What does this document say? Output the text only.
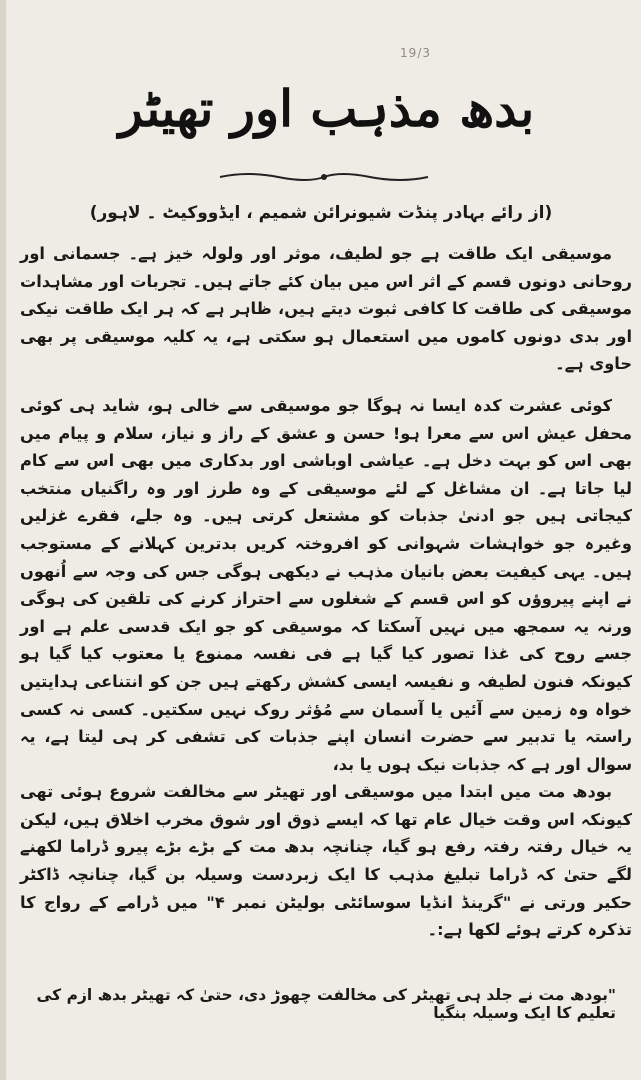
19/3
بدھ مذہب اور تھیٹر
(از رائے بہادر پنڈت شیونرائن شمیم ، ایڈووکیٹ ۔ لاہور)

موسیقی ایک طاقت ہے جو لطیف، موثر اور ولولہ خیز ہے۔ جسمانی اور روحانی دونوں قسم کے اثر اس میں بیان کئے جاتے ہیں۔ تجربات اور مشاہدات موسیقی کی طاقت کا کافی ثبوت دیتے ہیں، ظاہر ہے کہ ہر ایک طاقت نیکی اور بدی دونوں کاموں میں استعمال ہو سکتی ہے، یہ کلیہ موسیقی پر بھی حاوی ہے۔

کوئی عشرت کدہ ایسا نہ ہوگا جو موسیقی سے خالی ہو، شاید ہی کوئی محفل عیش اس سے معرا ہو! حسن و عشق کے راز و نیاز، سلام و پیام میں بھی اس کو بہت دخل ہے۔ عیاشی اوباشی اور بدکاری میں بھی اس سے کام لیا جاتا ہے۔ ان مشاغل کے لئے موسیقی کے وہ طرز اور وہ راگنیاں منتخب کیجاتی ہیں جو ادنیٰ جذبات کو مشتعل کرتی ہیں۔ وہ جلے، فقرے غزلیں وغیرہ جو خواہشات شہوانی کو افروختہ کریں بدترین کہلانے کے مستوجب ہیں۔ یہی کیفیت بعض بانیان مذہب نے دیکھی ہوگی جس کی وجہ سے اُنھوں نے اپنے پیروؤں کو اس قسم کے شغلوں سے احتراز کرنے کی تلقین کی ہوگی ورنہ یہ سمجھ میں نہیں آسکتا کہ موسیقی کو جو ایک قدسی علم ہے اور جسے روح کی غذا تصور کیا گیا ہے فی نفسہ ممنوع یا معتوب کیا گیا ہو کیونکہ فنون لطیفہ و نفیسہ ایسی کشش رکھتے ہیں جن کو انتناعی ہدایتیں خواہ وہ زمین سے آئیں یا آسمان سے مُؤثر روک نہیں سکتیں۔ کسی نہ کسی راستہ یا تدبیر سے حضرت انسان اپنے جذبات کی تشفی کر ہی لیتا ہے، یہ سوال اور ہے کہ جذبات نیک ہوں یا بد،

بودھ مت میں ابتدا میں موسیقی اور تھیٹر سے مخالفت شروع ہوئی تھی کیونکہ اس وقت خیال عام تھا کہ ایسے ذوق اور شوق مخرب اخلاق ہیں، لیکن یہ خیال رفتہ رفتہ رفع ہو گیا، چنانچہ بدھ مت کے بڑے بڑے پیرو ڈراما لکھنے لگے حتیٰ کہ ڈراما تبلیغ مذہب کا ایک زبردست وسیلہ بن گیا، چنانچہ ڈاکٹر حکیر ورتی نے "گرینڈ انڈیا سوسائٹی بولیٹن نمبر ۴" میں ڈرامے کے رواج کا تذکرہ کرتے ہوئے لکھا ہے:۔

"بودھ مت نے جلد ہی تھیٹر کی مخالفت چھوڑ دی، حتیٰ کہ تھیٹر بدھ ازم کی تعلیم کا ایک وسیلہ بنگیا
